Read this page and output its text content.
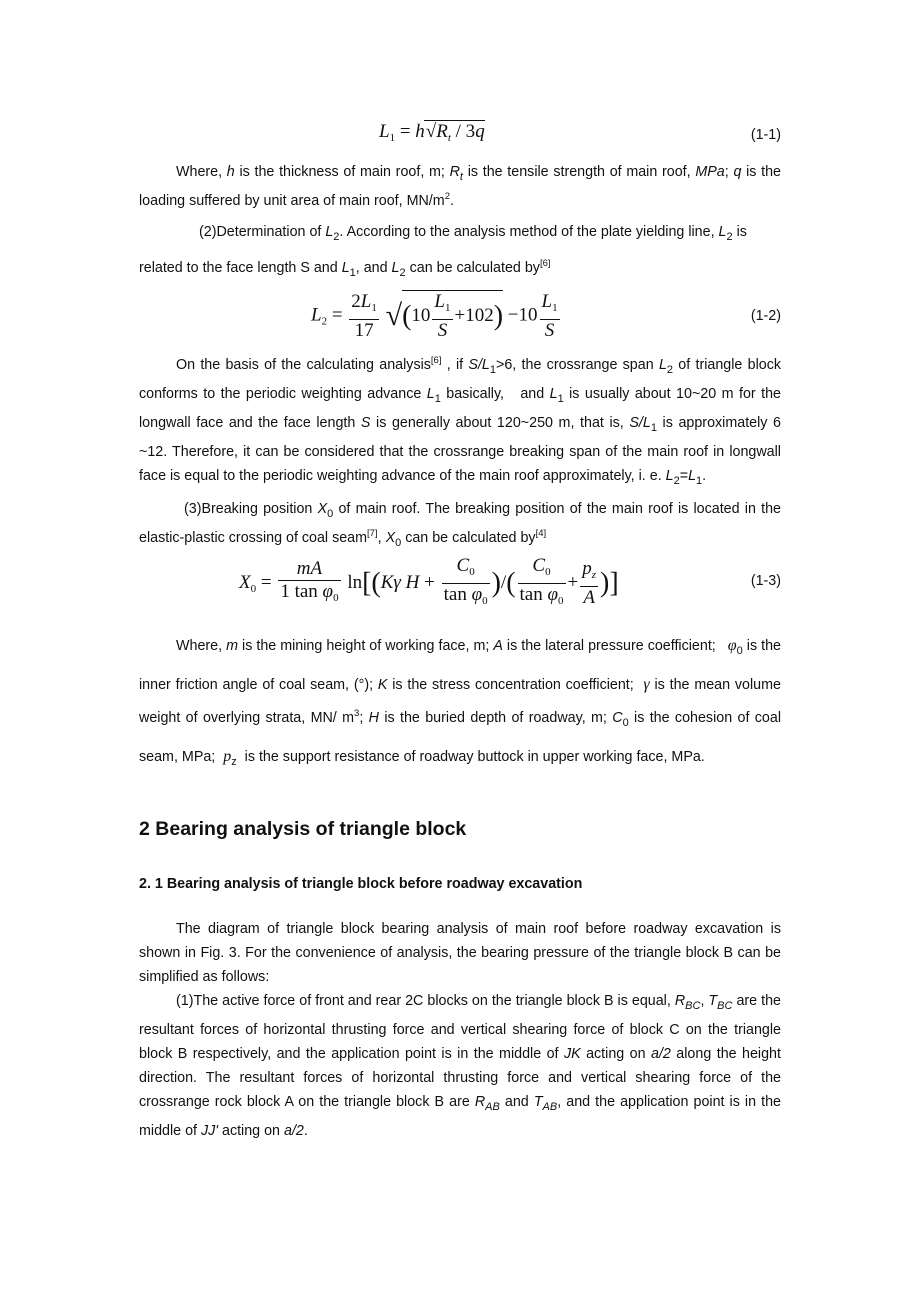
$L_1 = h√R_t / 3q$	(1-1)

Where, h is the thickness of main roof, m; $R_t$ is the tensile strength of main roof, MPa; q is the loading suffered by unit area of main roof, $MN/m^2$.

(2)Determination of $L_2$. According to the analysis method of the plate yielding line, $L_2$ is

related to the face length S and $L_1$, and $L_2$ can be calculated by[6]

$L_2 = \frac{2L_1}{17} √(10 \frac{L_1}{S} +102) -10 \frac{L_1}{S}$	(1-2)

On the basis of the calculating analysis[6] , if $S/L_1>6$, the crossrange span $L_2$ of triangle block conforms to the periodic weighting advance $L_1$ basically,   and $L_1$ is usually about 10~20 m for the longwall face and the face length S is generally about 120~250 m, that is, $S/L_1$ is approximately 6 ~12. Therefore, it can be considered that the crossrange breaking span of the main roof in longwall face is equal to the periodic weighting advance of the main roof approximately, i. e. $L_2=L_1$.

(3)Breaking position $X_0$ of main roof. The breaking position of the main roof is located in the elastic-plastic crossing of coal seam[7], $X_0$ can be calculated by[4]

$X_0 = \frac{mA}{1 \tan \varphi_0} \ln[(K\gamma$ $H + \frac{C_0}{\tan \varphi_0}$ )/( $\frac{C_0}{\tan \varphi_0} + \frac{p_z}{A}$ )]	(1-3)

Where, m is the mining height of working face, m; A is the lateral pressure coefficient;   $\varphi_0$ is the inner friction angle of coal seam, (°); K is the stress concentration coefficient;  γ is the mean volume weight of overlying strata, MN/ $m^3$; H is the buried depth of roadway, m; $C_0$ is the cohesion of coal seam, MPa;  $p_z$  is the support resistance of roadway buttock in upper working face, MPa.

2 Bearing analysis of triangle block
2. 1 Bearing analysis of triangle block before roadway excavation

The diagram of triangle block bearing analysis of main roof before roadway excavation is shown in Fig. 3. For the convenience of analysis, the bearing pressure of the triangle block B can be simplified as follows:

(1)The active force of front and rear 2C blocks on the triangle block B is equal, $R_{BC}$, $T_{BC}$ are the resultant forces of horizontal thrusting force and vertical shearing force of block C on the triangle block B respectively, and the application point is in the middle of JK acting on a/2 along the height direction. The resultant forces of horizontal thrusting force and vertical shearing force of the crossrange rock block A on the triangle block B are $R_{AB}$ and $T_{AB}$, and the application point is in the middle of JJ' acting on a/2.
